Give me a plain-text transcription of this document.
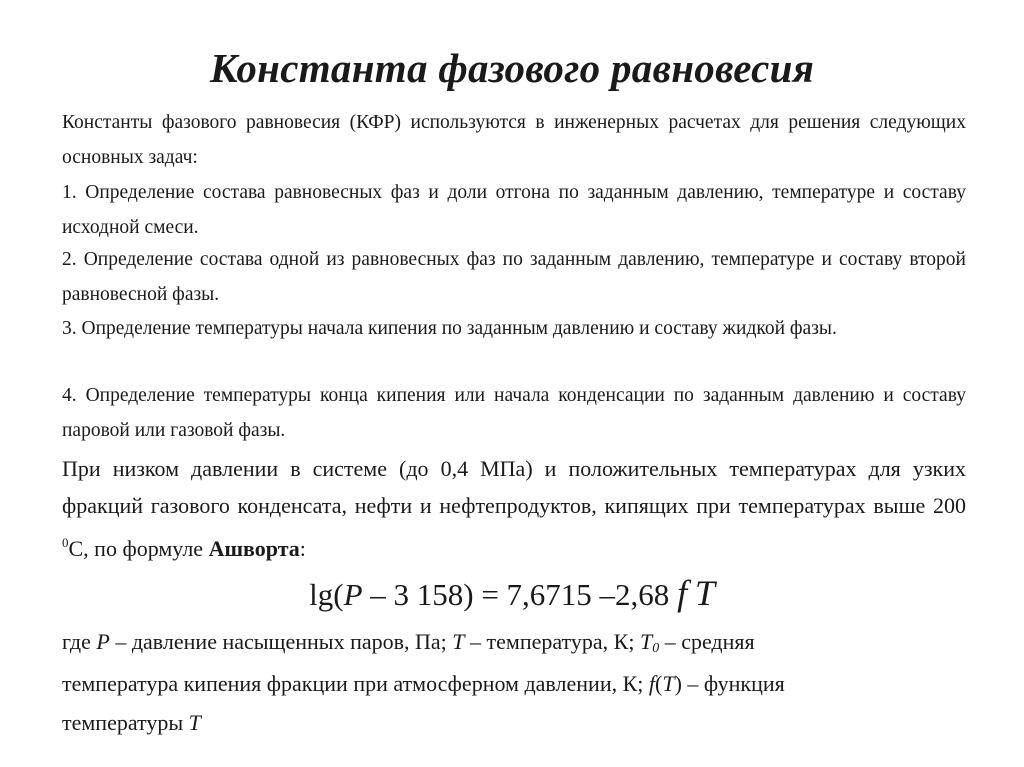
Константа фазового равновесия
Константы фазового равновесия (КФР) используются в инженерных расчетах для решения следующих основных задач:
1. Определение состава равновесных фаз и доли отгона по заданным давлению, температуре и составу исходной смеси.
2. Определение состава одной из равновесных фаз по заданным давлению, температуре и составу второй равновесной фазы.
3. Определение температуры начала кипения по заданным давлению и составу жидкой фазы.
4. Определение температуры конца кипения или начала конденсации по заданным давлению и составу паровой или газовой фазы.
При низком давлении в системе (до 0,4 МПа) и положительных температурах для узких фракций газового конденсата, нефти и нефтепродуктов, кипящих при температурах выше 200 $^0$С, по формуле Ашворта:
lg(P – 3 158) = 7,6715 –2,68 f T
где P – давление насыщенных паров, Па; T – температура, К; $T_0$ – средняя
температура кипения фракции при атмосферном давлении, К; f(T) – функция
температуры T
